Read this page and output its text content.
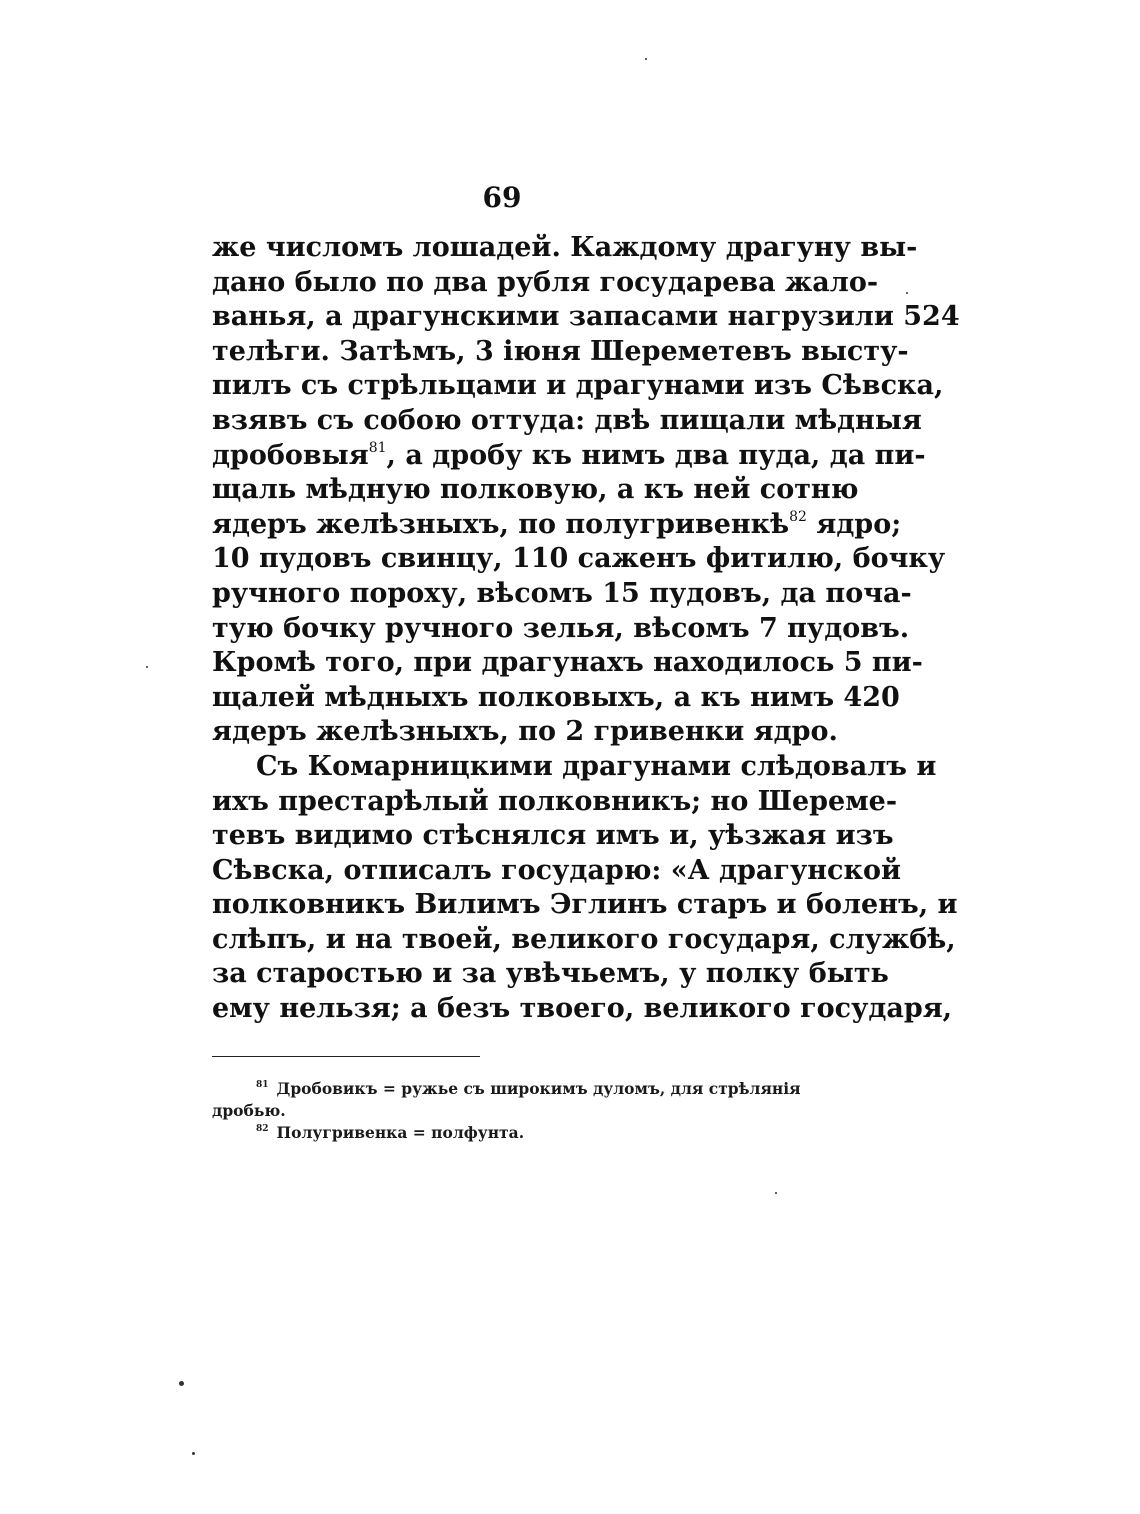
69
же числомъ лошадей. Каждому драгуну вы-
дано было по два рубля государева жало-
ванья, а драгунскими запасами нагрузили 524
телѣги. Затѣмъ, 3 іюня Шереметевъ высту-
пилъ съ стрѣльцами и драгунами изъ Сѣвска,
взявъ съ собою оттуда: двѣ пищали мѣдныя
дробовыя$^{81}$, а дробу къ нимъ два пуда, да пи-
щаль мѣдную полковую, а къ ней сотню
ядеръ желѣзныхъ, по полугривенкѣ$^{82}$ ядро;
10 пудовъ свинцу, 110 саженъ фитилю, бочку
ручного пороху, вѣсомъ 15 пудовъ, да поча-
тую бочку ручного зелья, вѣсомъ 7 пудовъ.
Кромѣ того, при драгунахъ находилось 5 пи-
щалей мѣдныхъ полковыхъ, а къ нимъ 420
ядеръ желѣзныхъ, по 2 гривенки ядро.
Съ Комарницкими драгунами слѣдовалъ и
ихъ престарѣлый полковникъ; но Шереме-
тевъ видимо стѣснялся имъ и, уѣзжая изъ
Сѣвска, отписалъ государю: «А драгунской
полковникъ Вилимъ Эглинъ старъ и боленъ, и
слѣпъ, и на твоей, великого государя, службѣ,
за старостью и за увѣчьемъ, у полку быть
ему нельзя; а безъ твоего, великого государя,
$^{81}$ Дробовикъ = ружье съ широкимъ дуломъ, для стрѣлянія
дробью.
$^{82}$ Полугривенка = полфунта.
